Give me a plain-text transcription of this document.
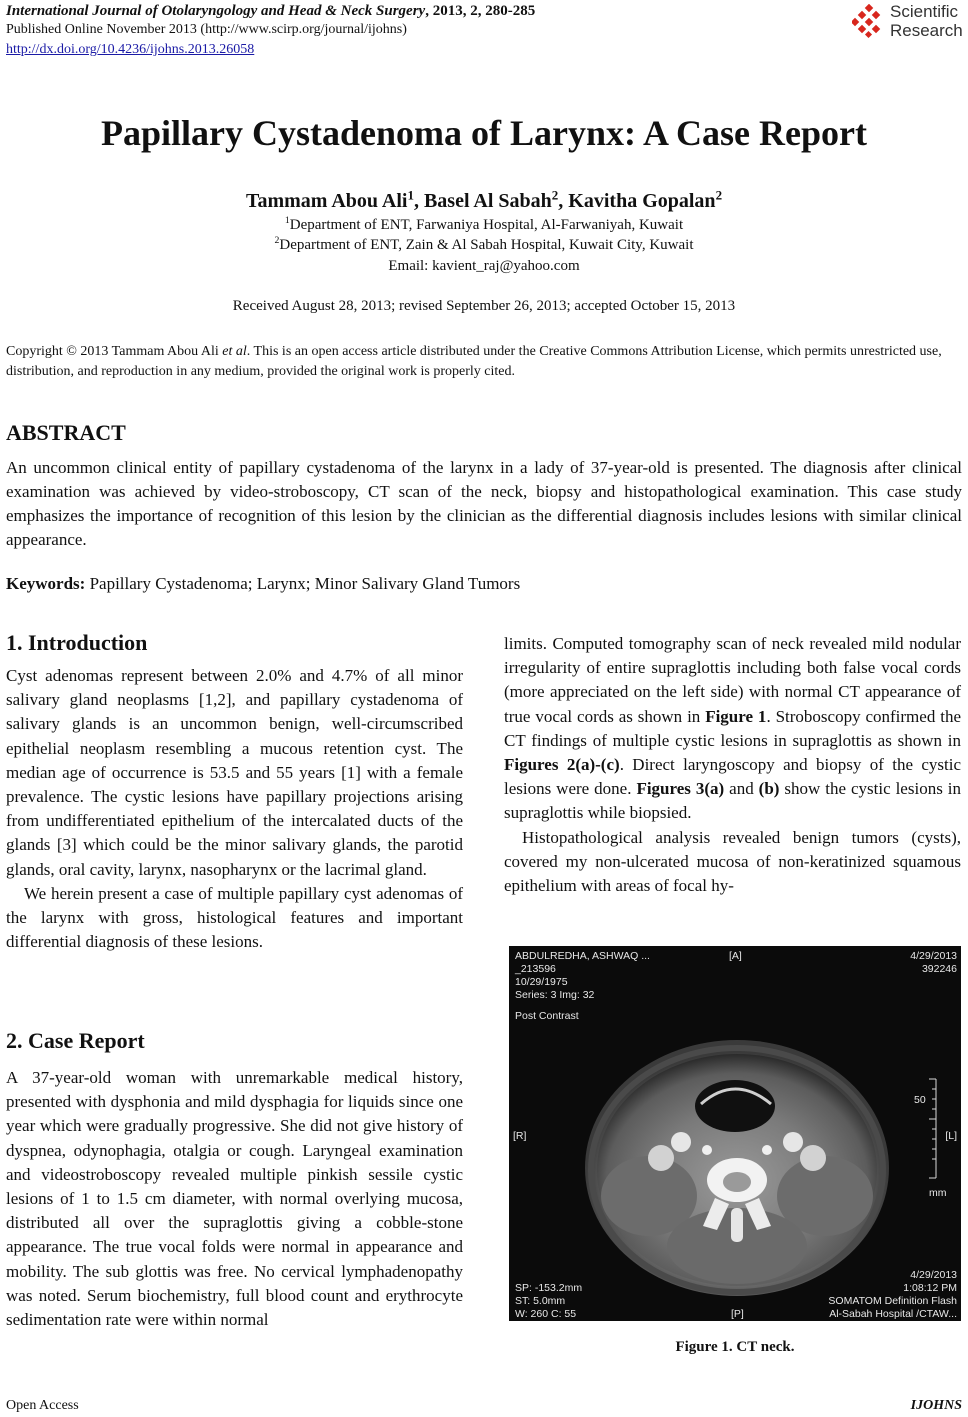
International Journal of Otolaryngology and Head & Neck Surgery, 2013, 2, 280-285
Published Online November 2013 (http://www.scirp.org/journal/ijohns)
http://dx.doi.org/10.4236/ijohns.2013.26058
Scientific
Research
Papillary Cystadenoma of Larynx: A Case Report
Tammam Abou Ali$^1$, Basel Al Sabah$^2$, Kavitha Gopalan$^2$
$^1$Department of ENT, Farwaniya Hospital, Al-Farwaniyah, Kuwait
$^2$Department of ENT, Zain & Al Sabah Hospital, Kuwait City, Kuwait
Email: kavient_raj@yahoo.com
Received August 28, 2013; revised September 26, 2013; accepted October 15, 2013
Copyright © 2013 Tammam Abou Ali et al. This is an open access article distributed under the Creative Commons Attribution License, which permits unrestricted use, distribution, and reproduction in any medium, provided the original work is properly cited.
ABSTRACT
An uncommon clinical entity of papillary cystadenoma of the larynx in a lady of 37-year-old is presented. The diagnosis after clinical examination was achieved by video-stroboscopy, CT scan of the neck, biopsy and histopathological examination. This case study emphasizes the importance of recognition of this lesion by the clinician as the differential diagnosis includes lesions with similar clinical appearance.
Keywords: Papillary Cystadenoma; Larynx; Minor Salivary Gland Tumors
1. Introduction

Cyst adenomas represent between 2.0% and 4.7% of all minor salivary gland neoplasms [1,2], and papillary cystadenoma of salivary glands is an uncommon benign, well-circumscribed epithelial neoplasm resembling a mucous retention cyst. The median age of occurrence is 53.5 and 55 years [1] with a female prevalence. The cystic lesions have papillary projections arising from undifferentiated epithelium of the intercalated ducts of the glands [3] which could be the minor salivary glands, the parotid glands, oral cavity, larynx, nasopharynx or the lacrimal gland.

We herein present a case of multiple papillary cyst adenomas of the larynx with gross, histological features and important differential diagnosis of these lesions.

2. Case Report

A 37-year-old woman with unremarkable medical history, presented with dysphonia and mild dysphagia for liquids since one year which were gradually progressive. She did not give history of dyspnea, odynophagia, otalgia or cough. Laryngeal examination and videostroboscopy revealed multiple pinkish sessile cystic lesions of 1 to 1.5 cm diameter, with normal overlying mucosa, distributed all over the supraglottis giving a cobble-stone appearance. The true vocal folds were normal in appearance and mobility. The sub glottis was free. No cervical lymphadenopathy was noted. Serum biochemistry, full blood count and erythrocyte sedimentation rate were within normal

limits. Computed tomography scan of neck revealed mild nodular irregularity of entire supraglottis including both false vocal cords (more appreciated on the left side) with normal CT appearance of true vocal cords as shown in Figure 1. Stroboscopy confirmed the CT findings of multiple cystic lesions in supraglottis as shown in Figures 2(a)-(c). Direct laryngoscopy and biopsy of the cystic lesions were done. Figures 3(a) and (b) show the cystic lesions in supraglottis while biopsied.

Histopathological analysis revealed benign tumors (cysts), covered my non-ulcerated mucosa of non-keratinized squamous epithelium with areas of focal hy-

ABDULREDHA, ASHWAQ ...
_213596
10/29/1975
Series: 3 Img: 32
Post Contrast
[A]	4/29/2013
392246
[R]	[L]
50
mm
SP: -153.2mm
ST: 5.0mm
W: 260 C: 55	[P]
4/29/2013
1:08:12 PM
SOMATOM Definition Flash
Al-Sabah Hospital /CTAW...
Figure 1. CT neck.
Open Access	IJOHNS
